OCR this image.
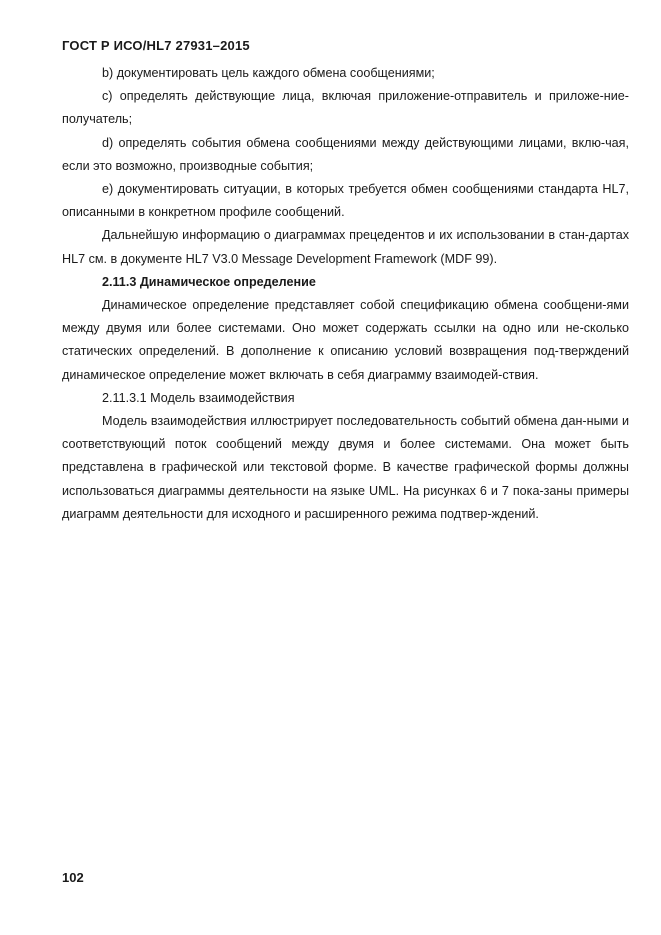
ГОСТ Р ИСО/HL7 27931–2015

b) документировать цель каждого обмена сообщениями;

с) определять действующие лица, включая приложение-отправитель и приложе-ние-получатель;

d) определять события обмена сообщениями между действующими лицами, вклю-чая, если это возможно, производные события;

е) документировать ситуации, в которых требуется обмен сообщениями стандарта HL7, описанными в конкретном профиле сообщений.

Дальнейшую информацию о диаграммах прецедентов и их использовании в стан-дартах HL7 см. в документе HL7 V3.0 Message Development Framework (MDF 99).

2.11.3 Динамическое определение

Динамическое определение представляет собой спецификацию обмена сообщени-ями между двумя или более системами. Оно может содержать ссылки на одно или не-сколько статических определений. В дополнение к описанию условий возвращения под-тверждений динамическое определение может включать в себя диаграмму взаимодей-ствия.

2.11.3.1 Модель взаимодействия

Модель взаимодействия иллюстрирует последовательность событий обмена дан-ными и соответствующий поток сообщений между двумя и более системами. Она может быть представлена в графической или текстовой форме. В качестве графической формы должны использоваться диаграммы деятельности на языке UML. На рисунках 6 и 7 пока-заны примеры диаграмм деятельности для исходного и расширенного режима подтвер-ждений.

102
